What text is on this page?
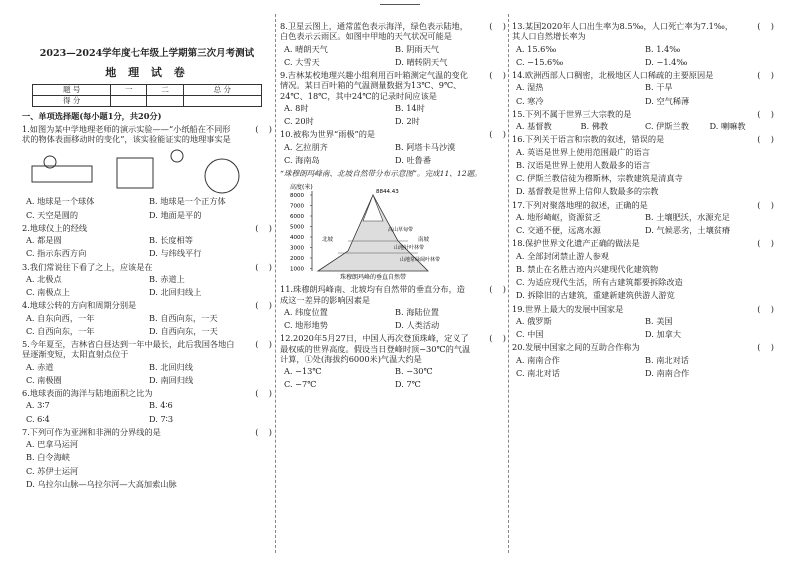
2023—2024学年度七年级上学期第三次月考测试
地 理 试 卷
题 号	一	二	总 分
得 分			
一、单项选择题(每小题1分，共20分)
1.如图为某中学地理老师的演示实验——“小纸船在不同形状的物体表面移动时的变化”，该实验能证实的地理事实是
(    )
A. 地球是一个球体	B. 地球是一个正方体
C. 天空是圆的	D. 地面是平的
2.地球仪上的经线	(    )
A. 都是圆	B. 长度相等
C. 指示东西方向	D. 与纬线平行
3.我们常说往下看了之上，应该是在	(    )
A. 北极点	B. 赤道上
C. 南极点上	D. 北回归线上
4.地球公转的方向和周期分别是	(    )
A. 自东向西，一年	B. 自西向东，一天
C. 自西向东，一年	D. 自西向东，一天
5.今年夏至，吉林省白昼达到一年中最长，此后我国各地白昼逐渐变短，太阳直射点位于
(    )
A. 赤道	B. 北回归线
C. 南极圈	D. 南回归线
6.地球表面的海洋与陆地面积之比为	(    )
A. 3∶7	B. 4∶6
C. 6∶4	D. 7∶3
7.下列可作为亚洲和非洲的分界线的是	(    )
A. 巴拿马运河
B. 白令海峡
C. 苏伊士运河
D. 乌拉尔山脉—乌拉尔河—大高加索山脉
8.卫星云图上，通常蓝色表示海洋，绿色表示陆地，白色表示云雨区。如图中甲地的天气状况可能是
(    )
A. 晴朗天气	B. 阴雨天气
C. 大雪天	D. 晴转阴天气
9.吉林某校地理兴趣小组利用百叶箱测定气温的变化情况。某日百叶箱的气温测量数据为13℃、9℃、24℃、18℃，其中24℃的记录时间应该是
(    )
A. 8时	B. 14时
C. 20时	D. 2时
10.被称为世界“雨极”的是	(    )
A. 乞拉朋齐	B. 阿塔卡马沙漠
C. 海南岛	D. 吐鲁番
“珠穆朗玛峰南、北坡自然带分布示意图”。完成11、12题。
高度(米)
8000
7000
6000
5000
4000
3000
2000
1000
8844.43
北坡	南坡
高山草甸带
山地针叶林带
山地常绿阔叶林带
珠穆朗玛峰的垂直自然带
11.珠穆朗玛峰南、北坡均有自然带的垂直分布，造成这一差异的影响因素是
(    )
A. 纬度位置	B. 海陆位置
C. 地形地势	D. 人类活动
12.2020年5月27日，中国人再次登顶珠峰，定义了最权威的世界高度。假设当日登峰时顶−30℃的气温计算，①处(海拔约6000米)气温大约是
(    )
A. −13℃	B. −30℃
C. −7℃	D. 7℃
13.某国2020年人口出生率为8.5‰，人口死亡率为7.1‰，其人口自然增长率为
(    )
A. 15.6‰	B. 1.4‰
C. −15.6‰	D. −1.4‰
14.欧洲西部人口稠密，北极地区人口稀疏的主要原因是	(    )
A. 湿热	B. 干旱
C. 寒冷	D. 空气稀薄
15.下列不属于世界三大宗教的是	(    )
A. 基督教	B. 佛教	C. 伊斯兰教	D. 喇嘛教
16.下列关于语言和宗教的叙述，错误的是	(    )
A. 英语是世界上使用范围最广的语言
B. 汉语是世界上使用人数最多的语言
C. 伊斯兰教信徒为穆斯林，宗教建筑是清真寺
D. 基督教是世界上信仰人数最多的宗教
17.下列对聚落地理的叙述，正确的是	(    )
A. 地形崎岖，资源贫乏	B. 土壤肥沃，水源充足
C. 交通不便，远离水源	D. 气候恶劣，土壤贫瘠
18.保护世界文化遗产正确的做法是	(    )
A. 全部封闭禁止游人参观
B. 禁止在名胜古迹内兴建现代化建筑物
C. 为适应现代生活，所有古建筑都要拆除改造
D. 拆除旧的古建筑，重建新建筑供游人游览
19.世界上最大的发展中国家是	(    )
A. 俄罗斯	B. 美国
C. 中国	D. 加拿大
20.发展中国家之间的互助合作称为	(    )
A. 南南合作	B. 南北对话
C. 南北对话	D. 南南合作
